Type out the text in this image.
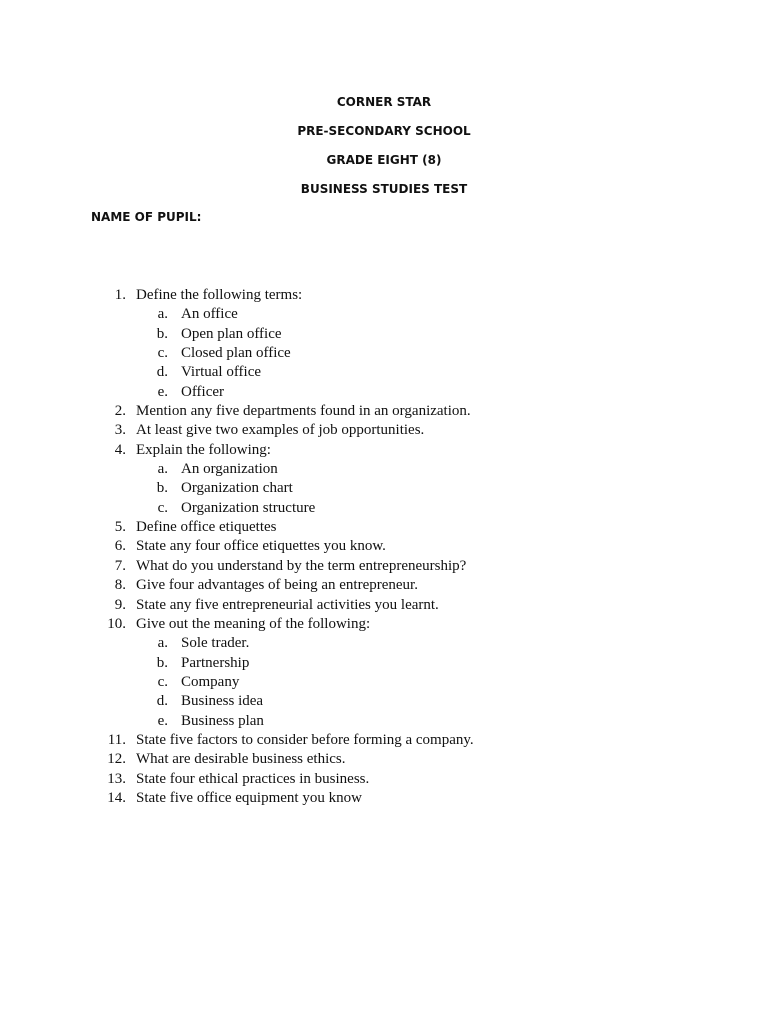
CORNER STAR
PRE-SECONDARY SCHOOL
GRADE EIGHT (8)
BUSINESS STUDIES TEST
NAME OF PUPIL:
1. Define the following terms:
a. An office
b. Open plan office
c. Closed plan office
d. Virtual office
e. Officer
2. Mention any five departments found in an organization.
3. At least give two examples of job opportunities.
4. Explain the following:
a. An organization
b. Organization chart
c. Organization structure
5. Define office etiquettes
6. State any four office etiquettes you know.
7. What do you understand by the term entrepreneurship?
8. Give four advantages of being an entrepreneur.
9. State any five entrepreneurial activities you learnt.
10. Give out the meaning of the following:
a. Sole trader.
b. Partnership
c. Company
d. Business idea
e. Business plan
11. State five factors to consider before forming a company.
12. What are desirable business ethics.
13. State four ethical practices in business.
14. State five office equipment you know
